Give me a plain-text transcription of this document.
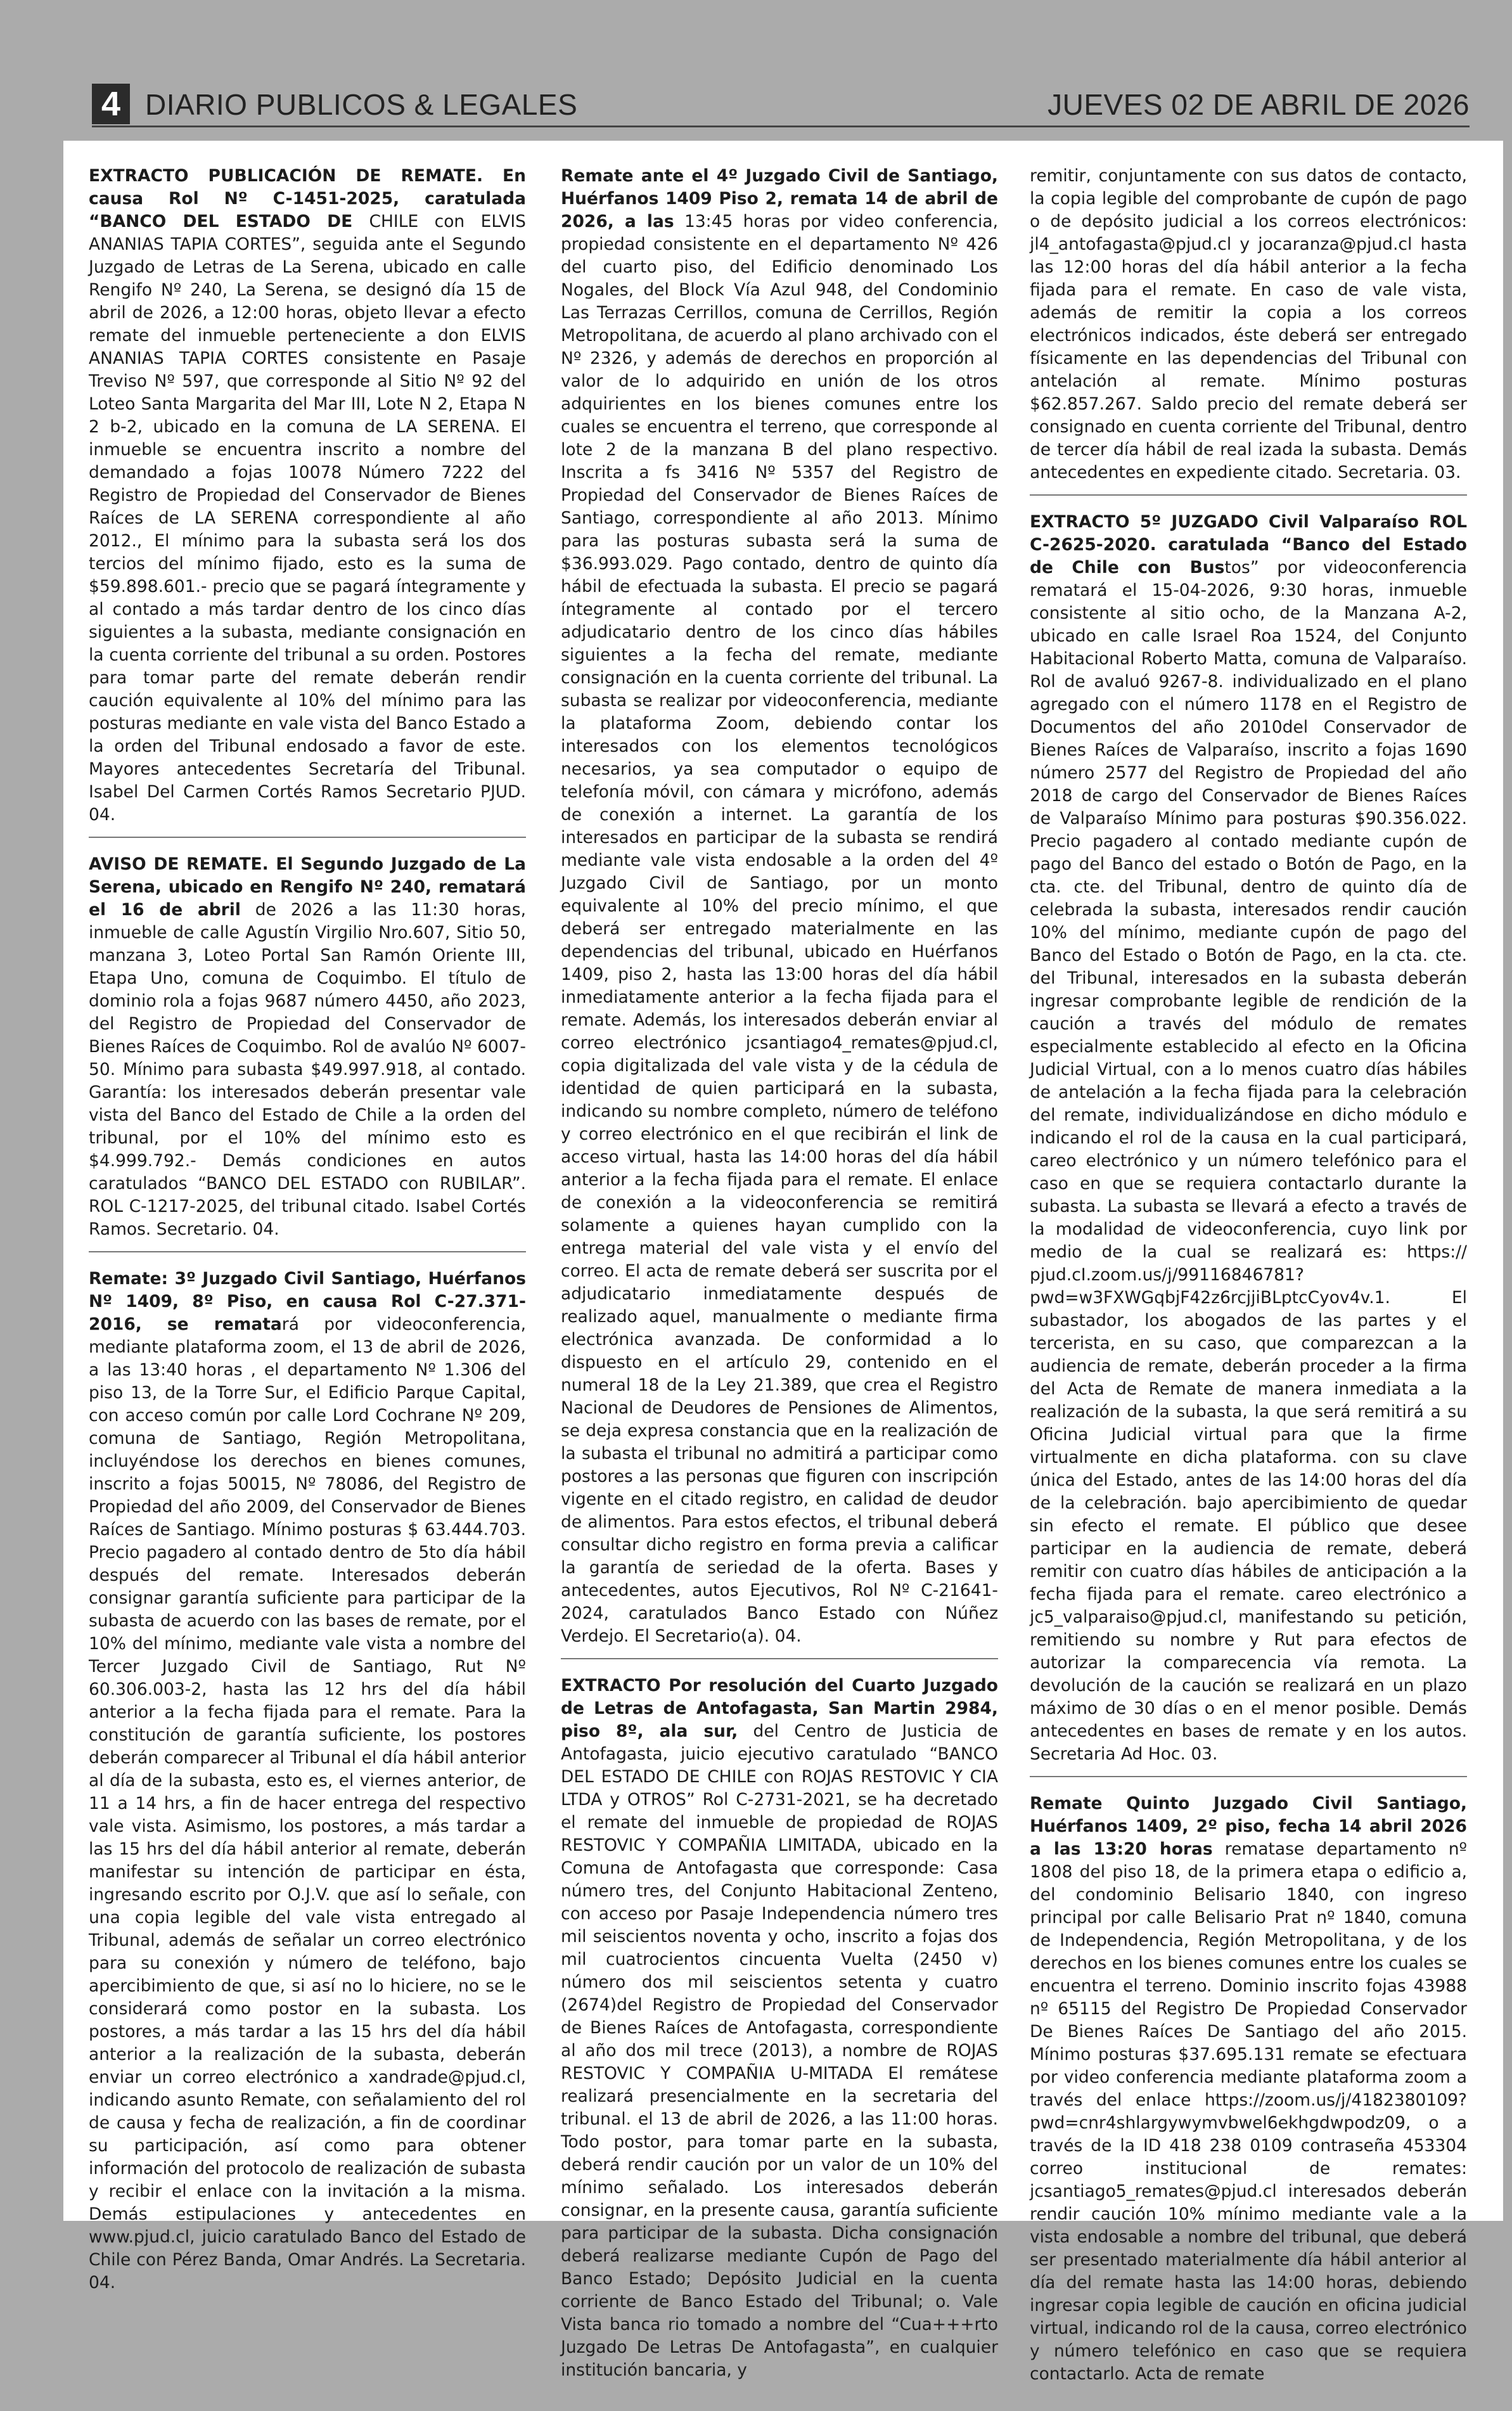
4 DIARIO PUBLICOS & LEGALES	JUEVES 02 DE ABRIL DE 2026
EXTRACTO PUBLICACIÓN DE REMATE. En causa Rol Nº C-1451-2025, caratulada “BANCO DEL ESTADO DE CHILE con ELVIS ANANIAS TAPIA CORTES”, seguida ante el Segundo Juzgado de Letras de La Serena, ubicado en calle Rengifo Nº 240, La Serena, se designó día 15 de abril de 2026, a 12:00 horas, objeto llevar a efecto remate del inmueble perteneciente a don ELVIS ANANIAS TAPIA CORTES consistente en Pasaje Treviso Nº 597, que corresponde al Sitio Nº 92 del Loteo Santa Margarita del Mar III, Lote N 2, Etapa N 2 b-2, ubicado en la comuna de LA SERENA. El inmueble se encuentra inscrito a nombre del demandado a fojas 10078 Número 7222 del Registro de Propiedad del Conservador de Bienes Raíces de LA SERENA correspondiente al año 2012., El mínimo para la subasta será los dos tercios del mínimo fijado, esto es la suma de $59.898.601.- precio que se pagará íntegramente y al contado a más tardar dentro de los cinco días siguientes a la subasta, mediante consignación en la cuenta corriente del tribunal a su orden. Postores para tomar parte del remate deberán rendir caución equivalente al 10% del mínimo para las posturas mediante en vale vista del Banco Estado a la orden del Tribunal endosado a favor de este. Mayores antecedentes Secretaría del Tribunal. Isabel Del Carmen Cortés Ramos Secretario PJUD. 04.
AVISO DE REMATE. El Segundo Juzgado de La Serena, ubicado en Rengifo Nº 240, rematará el 16 de abril de 2026 a las 11:30 horas, inmueble de calle Agustín Virgilio Nro.607, Sitio 50, manzana 3, Loteo Portal San Ramón Oriente III, Etapa Uno, comuna de Coquimbo. El título de dominio rola a fojas 9687 número 4450, año 2023, del Registro de Propiedad del Conservador de Bienes Raíces de Coquimbo. Rol de avalúo Nº 6007-50. Mínimo para subasta $49.997.918, al contado. Garantía: los interesados deberán presentar vale vista del Banco del Estado de Chile a la orden del tribunal, por el 10% del mínimo esto es $4.999.792.- Demás condiciones en autos caratulados “BANCO DEL ESTADO con RUBILAR”. ROL C-1217-2025, del tribunal citado. Isabel Cortés Ramos. Secretario. 04.
Remate: 3º Juzgado Civil Santiago, Huérfanos Nº 1409, 8º Piso, en causa Rol C-27.371-2016, se rematará por videoconferencia, mediante plataforma zoom, el 13 de abril de 2026, a las 13:40 horas , el departamento Nº 1.306 del piso 13, de la Torre Sur, el Edificio Parque Capital, con acceso común por calle Lord Cochrane Nº 209, comuna de Santiago, Región Metropolitana, incluyéndose los derechos en bienes comunes, inscrito a fojas 50015, Nº 78086, del Registro de Propiedad del año 2009, del Conservador de Bienes Raíces de Santiago. Mínimo posturas $ 63.444.703. Precio pagadero al contado dentro de 5to día hábil después del remate. Interesados deberán consignar garantía suficiente para participar de la subasta de acuerdo con las bases de remate, por el 10% del mínimo, mediante vale vista a nombre del Tercer Juzgado Civil de Santiago, Rut Nº 60.306.003-2, hasta las 12 hrs del día hábil anterior a la fecha fijada para el remate. Para la constitución de garantía suficiente, los postores deberán comparecer al Tribunal el día hábil anterior al día de la subasta, esto es, el viernes anterior, de 11 a 14 hrs, a fin de hacer entrega del respectivo vale vista. Asimismo, los postores, a más tardar a las 15 hrs del día hábil anterior al remate, deberán manifestar su intención de participar en ésta, ingresando escrito por O.J.V. que así lo señale, con una copia legible del vale vista entregado al Tribunal, además de señalar un correo electrónico para su conexión y número de teléfono, bajo apercibimiento de que, si así no lo hiciere, no se le considerará como postor en la subasta. Los postores, a más tardar a las 15 hrs del día hábil anterior a la realización de la subasta, deberán enviar un correo electrónico a xandrade@pjud.cl, indicando asunto Remate, con señalamiento del rol de causa y fecha de realización, a fin de coordinar su participación, así como para obtener información del protocolo de realización de subasta y recibir el enlace con la invitación a la misma. Demás estipulaciones y antecedentes en www.pjud.cl, juicio caratulado Banco del Estado de Chile con Pérez Banda, Omar Andrés. La Secretaria. 04.
Remate ante el 4º Juzgado Civil de Santiago, Huérfanos 1409 Piso 2, remata 14 de abril de 2026, a las 13:45 horas por video conferencia, propiedad consistente en el departamento Nº 426 del cuarto piso, del Edificio denominado Los Nogales, del Block Vía Azul 948, del Condominio Las Terrazas Cerrillos, comuna de Cerrillos, Región Metropolitana, de acuerdo al plano archivado con el Nº 2326, y además de derechos en proporción al valor de lo adquirido en unión de los otros adquirientes en los bienes comunes entre los cuales se encuentra el terreno, que corresponde al lote 2 de la manzana B del plano respectivo. Inscrita a fs 3416 Nº 5357 del Registro de Propiedad del Conservador de Bienes Raíces de Santiago, correspondiente al año 2013. Mínimo para las posturas subasta será la suma de $36.993.029. Pago contado, dentro de quinto día hábil de efectuada la subasta. El precio se pagará íntegramente al contado por el tercero adjudicatario dentro de los cinco días hábiles siguientes a la fecha del remate, mediante consignación en la cuenta corriente del tribunal. La subasta se realizar por videoconferencia, mediante la plataforma Zoom, debiendo contar los interesados con los elementos tecnológicos necesarios, ya sea computador o equipo de telefonía móvil, con cámara y micrófono, además de conexión a internet. La garantía de los interesados en participar de la subasta se rendirá mediante vale vista endosable a la orden del 4º Juzgado Civil de Santiago, por un monto equivalente al 10% del precio mínimo, el que deberá ser entregado materialmente en las dependencias del tribunal, ubicado en Huérfanos 1409, piso 2, hasta las 13:00 horas del día hábil inmediatamente anterior a la fecha fijada para el remate. Además, los interesados deberán enviar al correo electrónico jcsantiago4_remates@pjud.cl, copia digitalizada del vale vista y de la cédula de identidad de quien participará en la subasta, indicando su nombre completo, número de teléfono y correo electrónico en el que recibirán el link de acceso virtual, hasta las 14:00 horas del día hábil anterior a la fecha fijada para el remate. El enlace de conexión a la videoconferencia se remitirá solamente a quienes hayan cumplido con la entrega material del vale vista y el envío del correo. El acta de remate deberá ser suscrita por el adjudicatario inmediatamente después de realizado aquel, manualmente o mediante firma electrónica avanzada. De conformidad a lo dispuesto en el artículo 29, contenido en el numeral 18 de la Ley 21.389, que crea el Registro Nacional de Deudores de Pensiones de Alimentos, se deja expresa constancia que en la realización de la subasta el tribunal no admitirá a participar como postores a las personas que figuren con inscripción vigente en el citado registro, en calidad de deudor de alimentos. Para estos efectos, el tribunal deberá consultar dicho registro en forma previa a calificar la garantía de seriedad de la oferta. Bases y antecedentes, autos Ejecutivos, Rol Nº C-21641-2024, caratulados Banco Estado con Núñez Verdejo. El Secretario(a). 04.
EXTRACTO Por resolución del Cuarto Juzgado de Letras de Antofagasta, San Martin 2984, piso 8º, ala sur, del Centro de Justicia de Antofagasta, juicio ejecutivo caratulado “BANCO DEL ESTADO DE CHILE con ROJAS RESTOVIC Y CIA LTDA y OTROS” Rol C-2731-2021, se ha decretado el remate del inmueble de propiedad de ROJAS RESTOVIC Y COMPAÑIA LIMITADA, ubicado en la Comuna de Antofagasta que corresponde: Casa número tres, del Conjunto Habitacional Zenteno, con acceso por Pasaje Independencia número tres mil seiscientos noventa y ocho, inscrito a fojas dos mil cuatrocientos cincuenta Vuelta (2450 v) número dos mil seiscientos setenta y cuatro (2674)del Registro de Propiedad del Conservador de Bienes Raíces de Antofagasta, correspondiente al año dos mil trece (2013), a nombre de ROJAS RESTOVIC Y COMPAÑIA U-MITADA El remátese realizará presencialmente en la secretaria del tribunal. el 13 de abril de 2026, a las 11:00 horas. Todo postor, para tomar parte en la subasta, deberá rendir caución por un valor de un 10% del mínimo señalado. Los interesados deberán consignar, en la presente causa, garantía suficiente para participar de la subasta. Dicha consignación deberá realizarse mediante Cupón de Pago del Banco Estado; Depósito Judicial en la cuenta corriente de Banco Estado del Tribunal; o. Vale Vista banca rio tomado a nombre del “Cua+++rto Juzgado De Letras De Antofagasta”, en cualquier institución bancaria, y
remitir, conjuntamente con sus datos de contacto, la copia legible del comprobante de cupón de pago o de depósito judicial a los correos electrónicos: jl4_antofagasta@pjud.cl y jocaranza@pjud.cl hasta las 12:00 horas del día hábil anterior a la fecha fijada para el remate. En caso de vale vista, además de remitir la copia a los correos electrónicos indicados, éste deberá ser entregado físicamente en las dependencias del Tribunal con antelación al remate. Mínimo posturas $62.857.267. Saldo precio del remate deberá ser consignado en cuenta corriente del Tribunal, dentro de tercer día hábil de real izada la subasta. Demás antecedentes en expediente citado. Secretaria. 03.
EXTRACTO 5º JUZGADO Civil Valparaíso ROL C-2625-2020. caratulada “Banco del Estado de Chile con Bustos” por videoconferencia rematará el 15-04-2026, 9:30 horas, inmueble consistente al sitio ocho, de la Manzana A-2, ubicado en calle Israel Roa 1524, del Conjunto Habitacional Roberto Matta, comuna de Valparaíso. Rol de avaluó 9267-8. individualizado en el plano agregado con el número 1178 en el Registro de Documentos del año 2010del Conservador de Bienes Raíces de Valparaíso, inscrito a fojas 1690 número 2577 del Registro de Propiedad del año 2018 de cargo del Conservador de Bienes Raíces de Valparaíso Mínimo para posturas $90.356.022. Precio pagadero al contado mediante cupón de pago del Banco del estado o Botón de Pago, en la cta. cte. del Tribunal, dentro de quinto día de celebrada la subasta, interesados rendir caución 10% del mínimo, mediante cupón de pago del Banco del Estado o Botón de Pago, en la cta. cte. del Tribunal, interesados en la subasta deberán ingresar comprobante legible de rendición de la caución a través del módulo de remates especialmente establecido al efecto en la Oficina Judicial Virtual, con a lo menos cuatro días hábiles de antelación a la fecha fijada para la celebración del remate, individualizándose en dicho módulo e indicando el rol de la causa en la cual participará, careo electrónico y un número telefónico para el caso en que se requiera contactarlo durante la subasta. La subasta se llevará a efecto a través de la modalidad de videoconferencia, cuyo link por medio de la cual se realizará es: https:// pjud.cI.zoom.us/j/99116846781?pwd=w3FXWGqbjF42z6rcjjiBLptcCyov4v.1. El subastador, los abogados de las partes y el tercerista, en su caso, que comparezcan a la audiencia de remate, deberán proceder a la firma del Acta de Remate de manera inmediata a la realización de la subasta, la que será remitirá a su Oficina Judicial virtual para que la firme virtualmente en dicha plataforma. con su clave única del Estado, antes de las 14:00 horas del día de la celebración. bajo apercibimiento de quedar sin efecto el remate. El público que desee participar en la audiencia de remate, deberá remitir con cuatro días hábiles de anticipación a la fecha fijada para el remate. careo electrónico a jc5_valparaiso@pjud.cl, manifestando su petición, remitiendo su nombre y Rut para efectos de autorizar la comparecencia vía remota. La devolución de la caución se realizará en un plazo máximo de 30 días o en el menor posible. Demás antecedentes en bases de remate y en los autos. Secretaria Ad Hoc. 03.
Remate Quinto Juzgado Civil Santiago, Huérfanos 1409, 2º piso, fecha 14 abril 2026 a las 13:20 horas rematase departamento nº 1808 del piso 18, de la primera etapa o edificio a, del condominio Belisario 1840, con ingreso principal por calle Belisario Prat nº 1840, comuna de Independencia, Región Metropolitana, y de los derechos en los bienes comunes entre los cuales se encuentra el terreno. Dominio inscrito fojas 43988 nº 65115 del Registro De Propiedad Conservador De Bienes Raíces De Santiago del año 2015. Mínimo posturas $37.695.131 remate se efectuara por video conferencia mediante plataforma zoom a través del enlace https://zoom.us/j/4182380109?pwd=cnr4shlargywymvbwel6ekhgdwpodz09, o a través de la ID 418 238 0109 contraseña 453304 correo institucional de remates: jcsantiago5_remates@pjud.cl interesados deberán rendir caución 10% mínimo mediante vale a la vista endosable a nombre del tribunal, que deberá ser presentado materialmente día hábil anterior al día del remate hasta las 14:00 horas, debiendo ingresar copia legible de caución en oficina judicial virtual, indicando rol de la causa, correo electrónico y número telefónico en caso que se requiera contactarlo. Acta de remate
